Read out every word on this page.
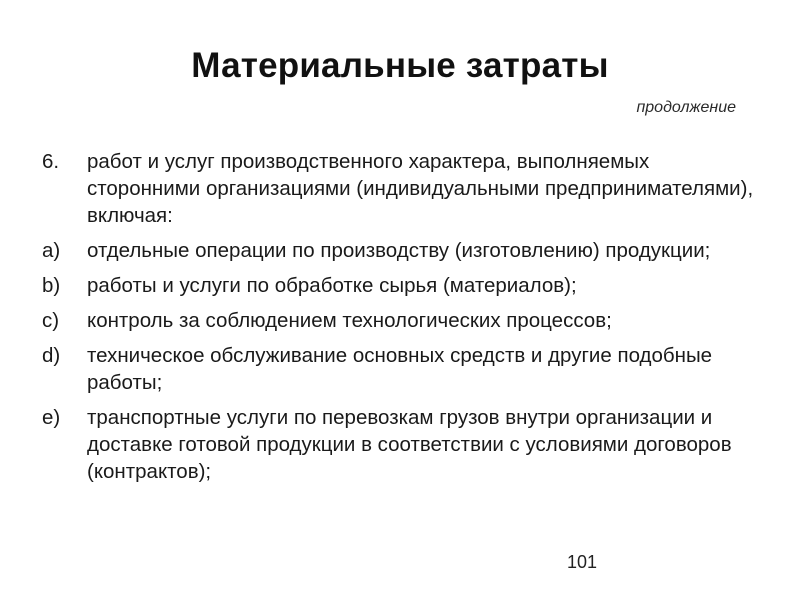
Материальные затраты
продолжение
6.	работ и услуг производственного характера, выполняемых сторонними организациями (индивидуальными предпринимателями), включая:
a)	отдельные операции по производству (изготовлению) продукции;
b)	работы и услуги по обработке сырья (материалов);
c)	контроль за соблюдением технологических процессов;
d)	техническое обслуживание основных средств и другие подобные работы;
e)	транспортные услуги по перевозкам грузов внутри организации и доставке готовой продукции в соответствии с условиями договоров (контрактов);
101
